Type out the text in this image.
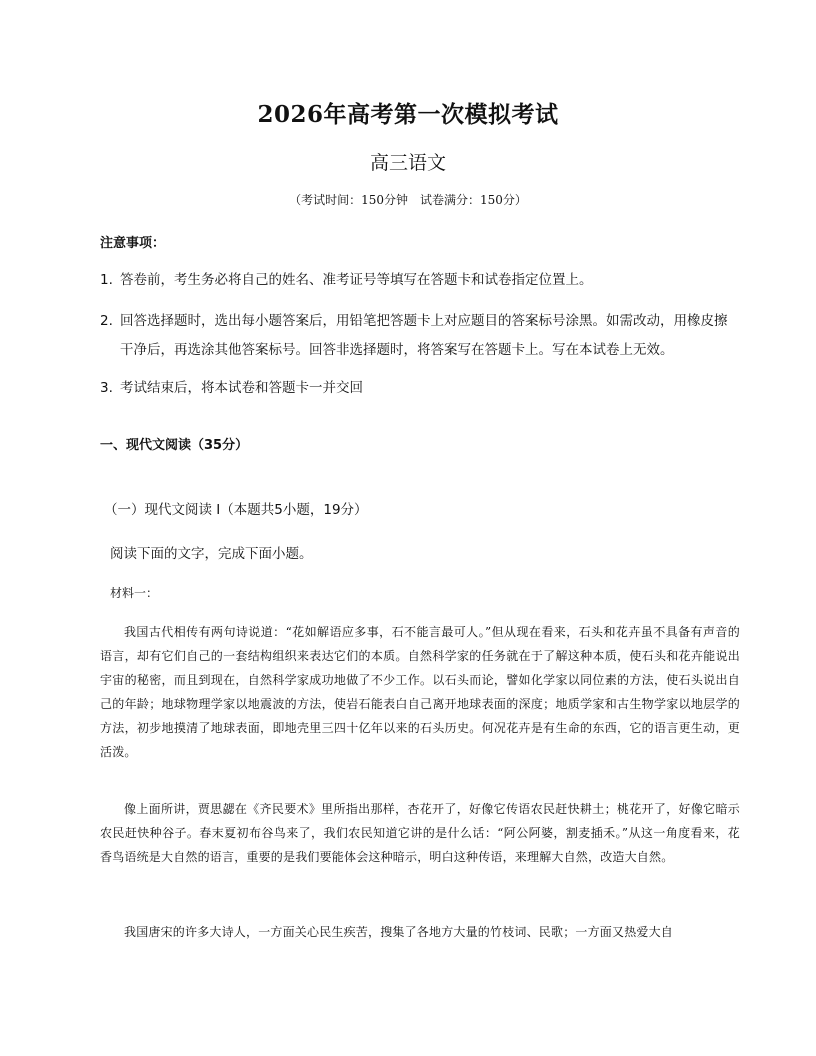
2026年高考第一次模拟考试
高三语文
（考试时间：150分钟　试卷满分：150分）
注意事项：
1. 答卷前，考生务必将自己的姓名、准考证号等填写在答题卡和试卷指定位置上。
2. 回答选择题时，选出每小题答案后，用铅笔把答题卡上对应题目的答案标号涂黑。如需改动，用橡皮擦干净后，再选涂其他答案标号。回答非选择题时，将答案写在答题卡上。写在本试卷上无效。
3. 考试结束后，将本试卷和答题卡一并交回
一、现代文阅读（35分）
（一）现代文阅读 I（本题共5小题，19分）
阅读下面的文字，完成下面小题。
材料一：
我国古代相传有两句诗说道：“花如解语应多事，石不能言最可人。”但从现在看来，石头和花卉虽不具备有声音的语言，却有它们自己的一套结构组织来表达它们的本质。自然科学家的任务就在于了解这种本质，使石头和花卉能说出宇宙的秘密，而且到现在，自然科学家成功地做了不少工作。以石头而论，譬如化学家以同位素的方法，使石头说出自己的年龄；地球物理学家以地震波的方法，使岩石能表白自己离开地球表面的深度；地质学家和古生物学家以地层学的方法，初步地摸清了地球表面，即地壳里三四十亿年以来的石头历史。何况花卉是有生命的东西，它的语言更生动，更活泼。
像上面所讲，贾思勰在《齐民要术》里所指出那样，杏花开了，好像它传语农民赶快耕土；桃花开了，好像它暗示农民赶快种谷子。春末夏初布谷鸟来了，我们农民知道它讲的是什么话：“阿公阿婆，割麦插禾。”从这一角度看来，花香鸟语统是大自然的语言，重要的是我们要能体会这种暗示，明白这种传语，来理解大自然，改造大自然。
我国唐宋的许多大诗人，一方面关心民生疾苦，搜集了各地方大量的竹枝词、民歌；一方面又热爱大自
